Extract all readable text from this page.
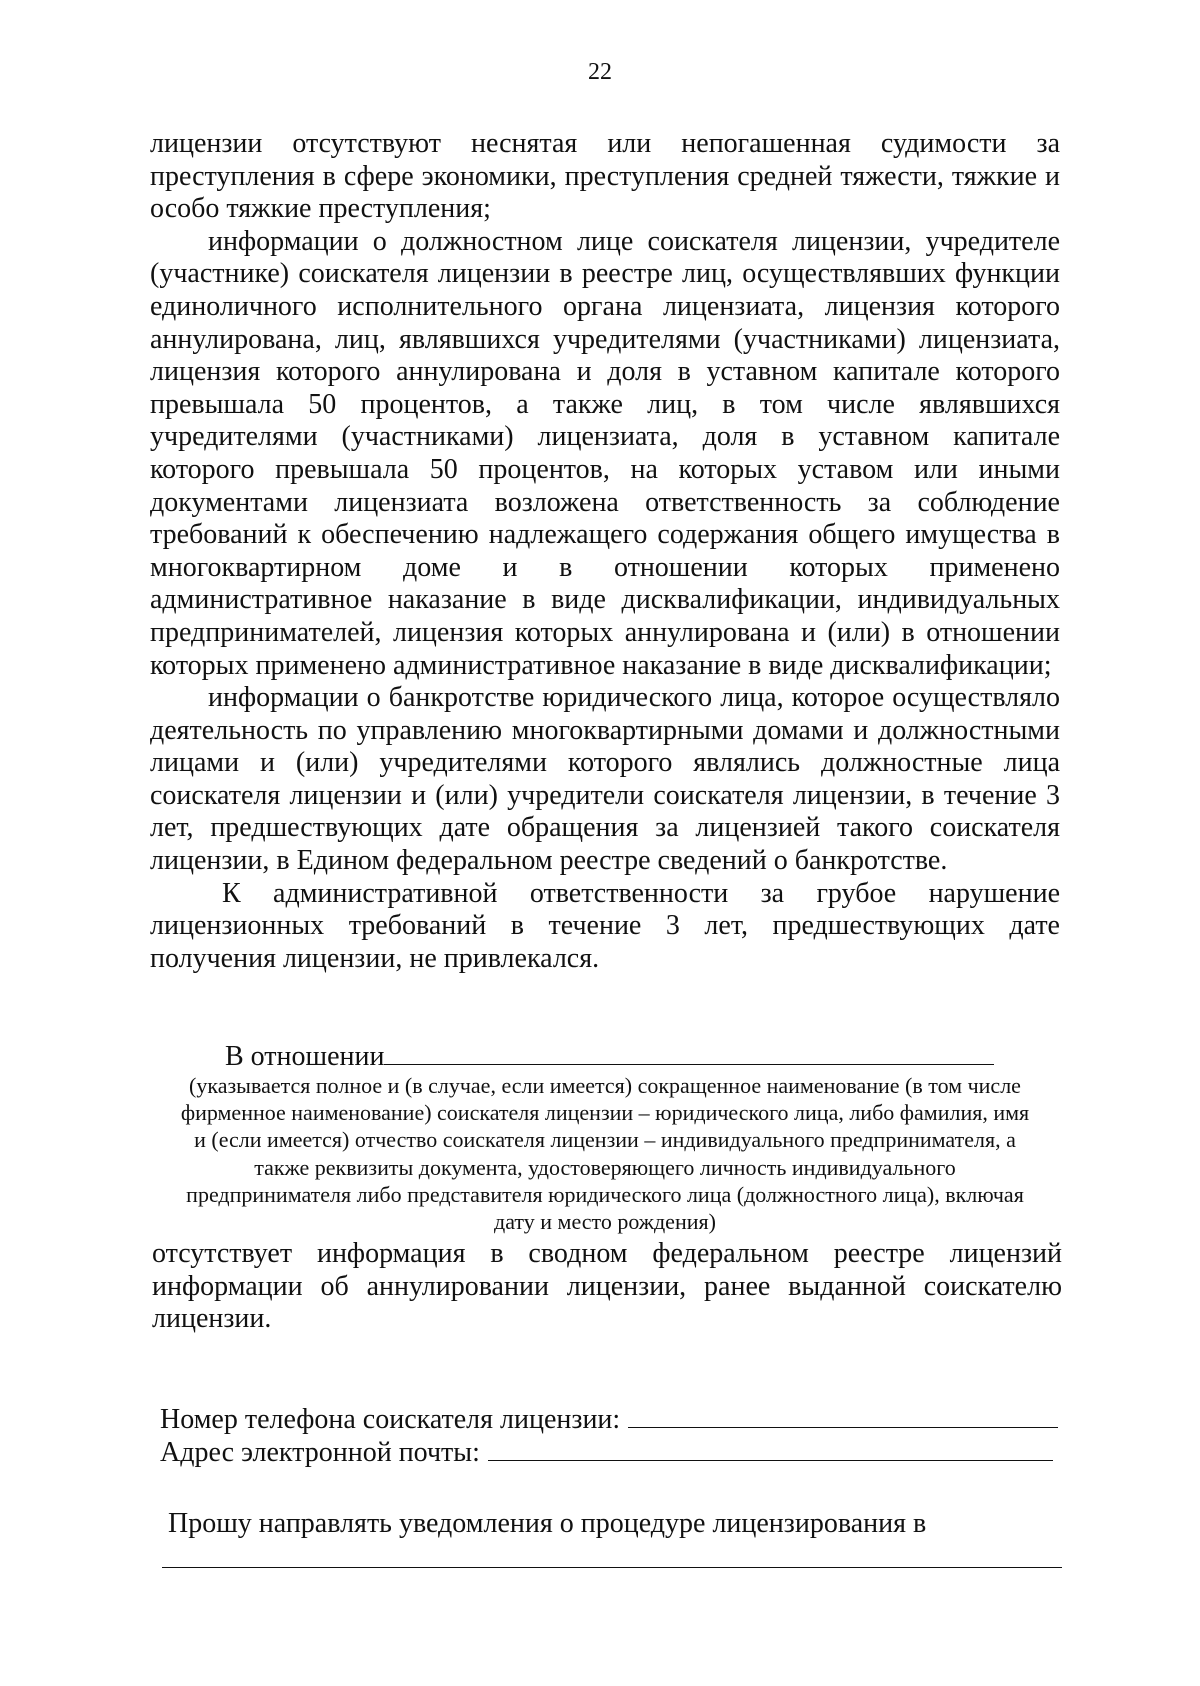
22

лицензии отсутствуют неснятая или непогашенная судимости за преступления в сфере экономики, преступления средней тяжести, тяжкие и особо тяжкие преступления;

информации о должностном лице соискателя лицензии, учредителе (участнике) соискателя лицензии в реестре лиц, осуществлявших функции единоличного исполнительного органа лицензиата, лицензия которого аннулирована, лиц, являвшихся учредителями (участниками) лицензиата, лицензия которого аннулирована и доля в уставном капитале которого превышала 50 процентов, а также лиц, в том числе являвшихся учредителями (участниками) лицензиата, доля в уставном капитале которого превышала 50 процентов, на которых уставом или иными документами лицензиата возложена ответственность за соблюдение требований к обеспечению надлежащего содержания общего имущества в многоквартирном доме и в отношении которых применено административное наказание в виде дисквалификации, индивидуальных предпринимателей, лицензия которых аннулирована и (или) в отношении которых применено административное наказание в виде дисквалификации;

информации о банкротстве юридического лица, которое осуществляло деятельность по управлению многоквартирными домами и должностными лицами и (или) учредителями которого являлись должностные лица соискателя лицензии и (или) учредители соискателя лицензии, в течение 3 лет, предшествующих дате обращения за лицензией такого соискателя лицензии, в Едином федеральном реестре сведений о банкротстве.

К административной ответственности за грубое нарушение лицензионных требований в течение 3 лет, предшествующих дате получения лицензии, не привлекался.

В отношении
(указывается полное и (в случае, если имеется) сокращенное наименование (в том числе фирменное наименование) соискателя лицензии – юридического лица, либо фамилия, имя и (если имеется) отчество соискателя лицензии – индивидуального предпринимателя, а также реквизиты документа, удостоверяющего личность индивидуального предпринимателя либо представителя юридического лица (должностного лица), включая дату и место рождения)

отсутствует информация в сводном федеральном реестре лицензий информации об аннулировании лицензии, ранее выданной соискателю лицензии.

Номер телефона соискателя лицензии:
Адрес электронной почты:
Прошу направлять уведомления о процедуре лицензирования в
